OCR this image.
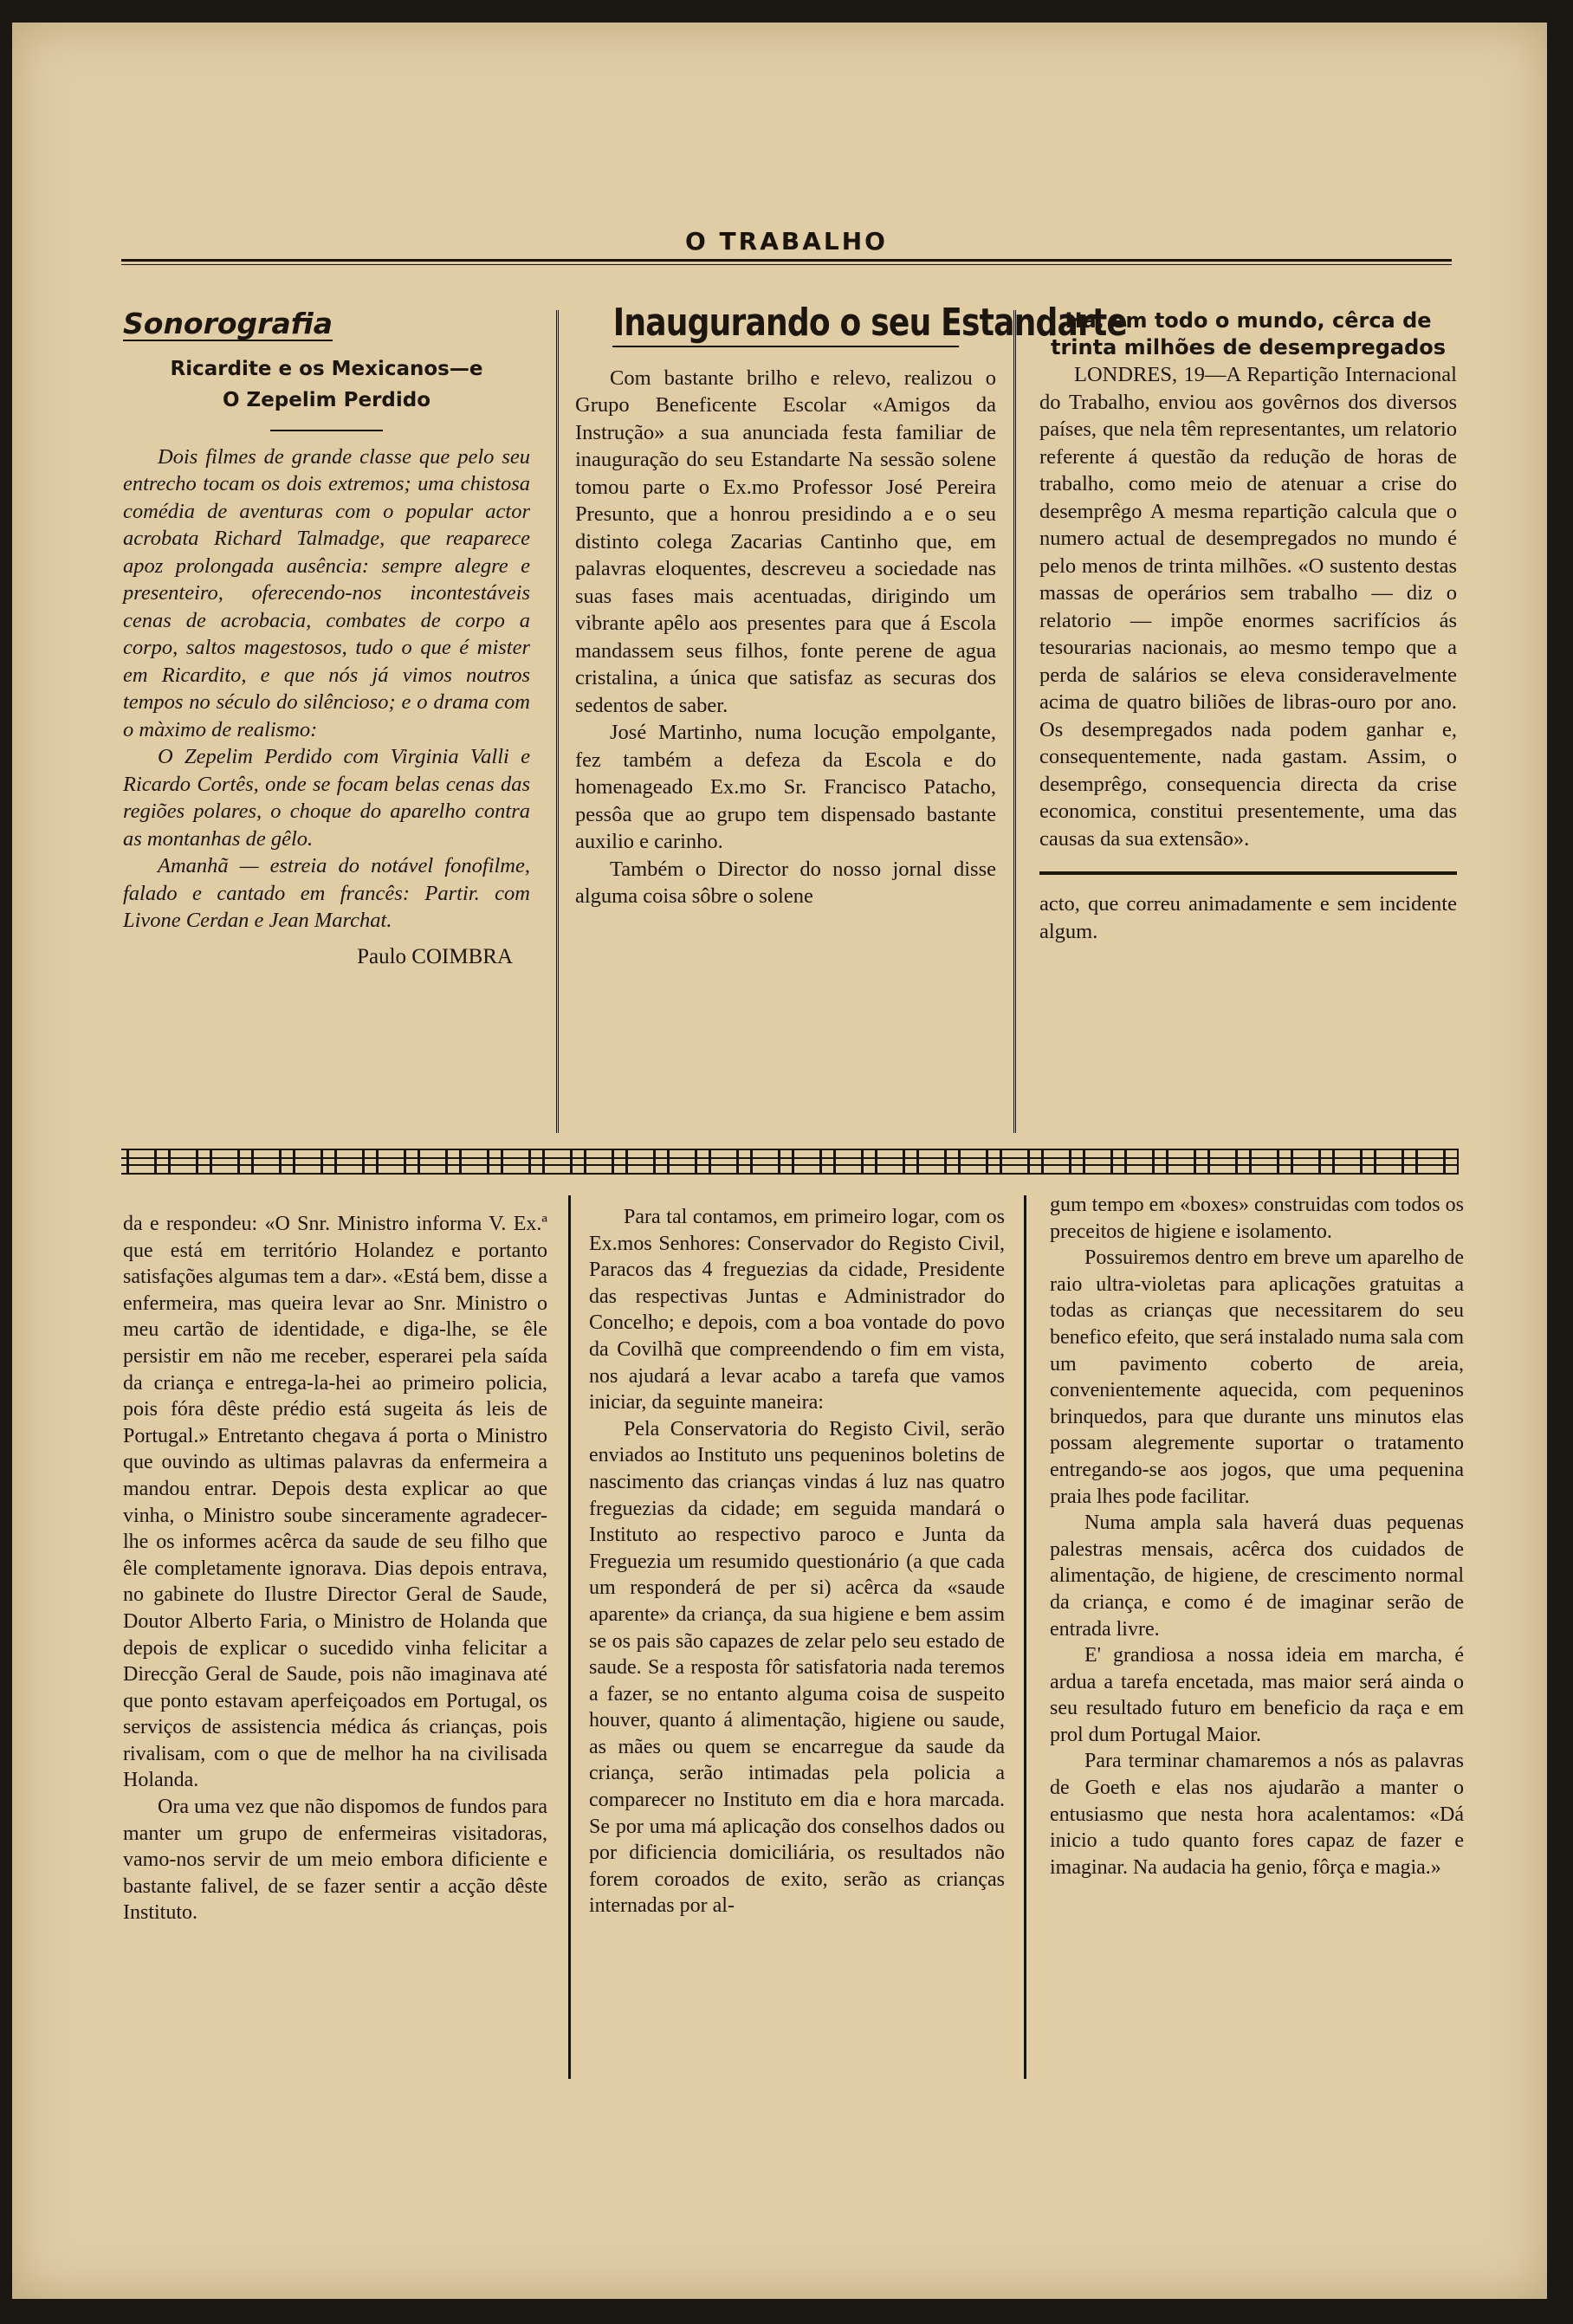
O TRABALHO
Sonorografia
Ricardite e os Mexicanos—e
O Zepelim Perdido

Dois filmes de grande classe que pelo seu entrecho tocam os dois extremos; uma chistosa comédia de aventuras com o popular actor acrobata Richard Talmadge, que reaparece apoz prolongada ausência: sempre alegre e presenteiro, oferecendo-nos incontestáveis cenas de acrobacia, combates de corpo a corpo, saltos magestosos, tudo o que é mister em Ricardito, e que nós já vimos noutros tempos no século do silêncioso; e o drama com o màximo de realismo:

O Zepelim Perdido com Virginia Valli e Ricardo Cortês, onde se focam belas cenas das regiões polares, o choque do aparelho contra as montanhas de gêlo.

Amanhã — estreia do notável fonofilme, falado e cantado em francês: Partir. com Livone Cerdan e Jean Marchat.

Paulo COIMBRA
Inaugurando o seu Estandarte

Com bastante brilho e relevo, realizou o Grupo Beneficente Escolar «Amigos da Instrução» a sua anunciada festa familiar de inauguração do seu Estandarte Na sessão solene tomou parte o Ex.mo Professor José Pereira Presunto, que a honrou presidindo a e o seu distinto colega Zacarias Cantinho que, em palavras eloquentes, descreveu a sociedade nas suas fases mais acentuadas, dirigindo um vibrante apêlo aos presentes para que á Escola mandassem seus filhos, fonte perene de agua cristalina, a única que satisfaz as securas dos sedentos de saber.

José Martinho, numa locução empolgante, fez também a defeza da Escola e do homenageado Ex.mo Sr. Francisco Patacho, pessôa que ao grupo tem dispensado bastante auxilio e carinho.

Também o Director do nosso jornal disse alguma coisa sôbre o solene

Ha, em todo o mundo, cêrca de
trinta milhões de desempregados

LONDRES, 19—A Repartição Internacional do Trabalho, enviou aos govêrnos dos diversos países, que nela têm representantes, um relatorio referente á questão da redução de horas de trabalho, como meio de atenuar a crise do desemprêgo A mesma repartição calcula que o numero actual de desempregados no mundo é pelo menos de trinta milhões. «O sustento destas massas de operários sem trabalho — diz o relatorio — impõe enormes sacrifícios ás tesourarias nacionais, ao mesmo tempo que a perda de salários se eleva consideravelmente acima de quatro biliões de libras-ouro por ano. Os desempregados nada podem ganhar e, consequentemente, nada gastam. Assim, o desemprêgo, consequencia directa da crise economica, constitui presentemente, uma das causas da sua extensão».

acto, que correu animadamente e sem incidente algum.

da e respondeu: «O Snr. Ministro informa V. Ex.ª que está em território Holandez e portanto satisfações algumas tem a dar». «Está bem, disse a enfermeira, mas queira levar ao Snr. Ministro o meu cartão de identidade, e diga-lhe, se êle persistir em não me receber, esperarei pela saída da criança e entrega-la-hei ao primeiro policia, pois fóra dêste prédio está sugeita ás leis de Portugal.» Entretanto chegava á porta o Ministro que ouvindo as ultimas palavras da enfermeira a mandou entrar. Depois desta explicar ao que vinha, o Ministro soube sinceramente agradecer-lhe os informes acêrca da saude de seu filho que êle completamente ignorava. Dias depois entrava, no gabinete do Ilustre Director Geral de Saude, Doutor Alberto Faria, o Ministro de Holanda que depois de explicar o sucedido vinha felicitar a Direcção Geral de Saude, pois não imaginava até que ponto estavam aperfeiçoados em Portugal, os serviços de assistencia médica ás crianças, pois rivalisam, com o que de melhor ha na civilisada Holanda.

Ora uma vez que não dispomos de fundos para manter um grupo de enfermeiras visitadoras, vamo-nos servir de um meio embora dificiente e bastante falivel, de se fazer sentir a acção dêste Instituto.

Para tal contamos, em primeiro logar, com os Ex.mos Senhores: Conservador do Registo Civil, Paracos das 4 freguezias da cidade, Presidente das respectivas Juntas e Administrador do Concelho; e depois, com a boa vontade do povo da Covilhã que compreendendo o fim em vista, nos ajudará a levar acabo a tarefa que vamos iniciar, da seguinte maneira:

Pela Conservatoria do Registo Civil, serão enviados ao Instituto uns pequeninos boletins de nascimento das crianças vindas á luz nas quatro freguezias da cidade; em seguida mandará o Instituto ao respectivo paroco e Junta da Freguezia um resumido questionário (a que cada um responderá de per si) acêrca da «saude aparente» da criança, da sua higiene e bem assim se os pais são capazes de zelar pelo seu estado de saude. Se a resposta fôr satisfatoria nada teremos a fazer, se no entanto alguma coisa de suspeito houver, quanto á alimentação, higiene ou saude, as mães ou quem se encarregue da saude da criança, serão intimadas pela policia a comparecer no Instituto em dia e hora marcada. Se por uma má aplicação dos conselhos dados ou por dificiencia domiciliária, os resultados não forem coroados de exito, serão as crianças internadas por al-

gum tempo em «boxes» construidas com todos os preceitos de higiene e isolamento.

Possuiremos dentro em breve um aparelho de raio ultra-violetas para aplicações gratuitas a todas as crianças que necessitarem do seu benefico efeito, que será instalado numa sala com um pavimento coberto de areia, convenientemente aquecida, com pequeninos brinquedos, para que durante uns minutos elas possam alegremente suportar o tratamento entregando-se aos jogos, que uma pequenina praia lhes pode facilitar.

Numa ampla sala haverá duas pequenas palestras mensais, acêrca dos cuidados de alimentação, de higiene, de crescimento normal da criança, e como é de imaginar serão de entrada livre.

E' grandiosa a nossa ideia em marcha, é ardua a tarefa encetada, mas maior será ainda o seu resultado futuro em beneficio da raça e em prol dum Portugal Maior.

Para terminar chamaremos a nós as palavras de Goeth e elas nos ajudarão a manter o entusiasmo que nesta hora acalentamos: «Dá inicio a tudo quanto fores capaz de fazer e imaginar. Na audacia ha genio, fôrça e magia.»
